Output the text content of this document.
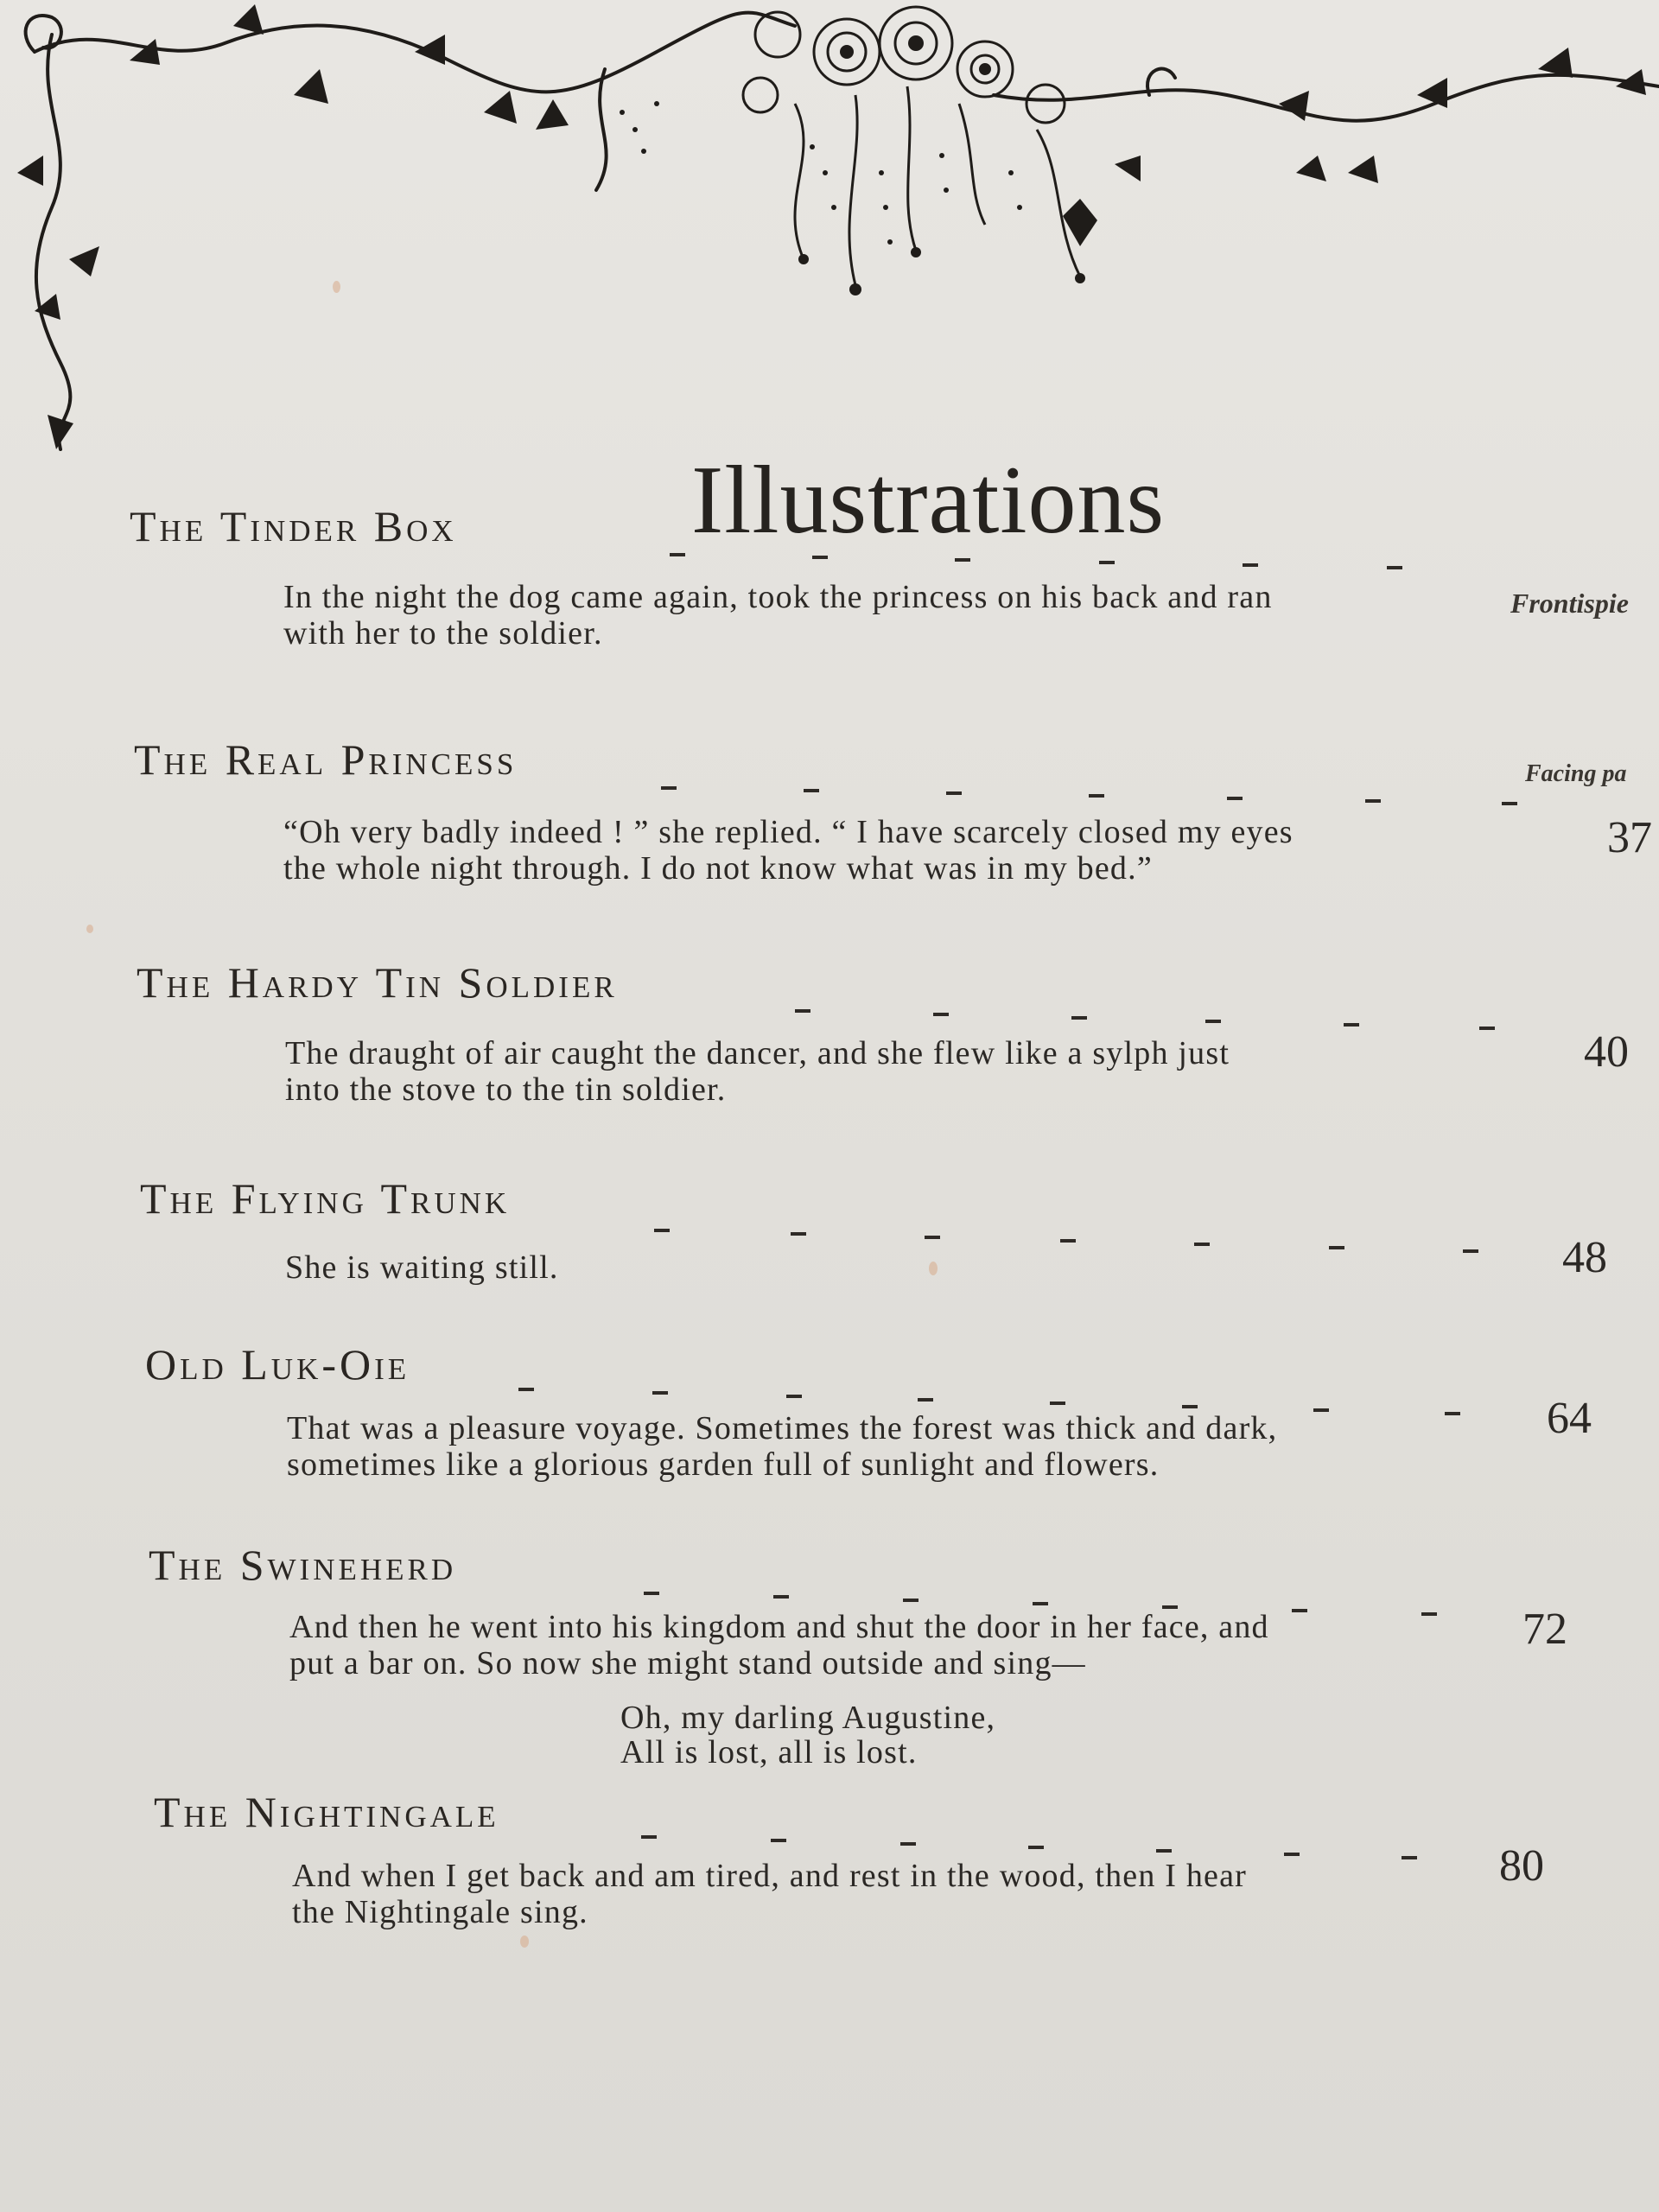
Illustrations
The Tinder Box
Frontispie
In the night the dog came again, took the princess on his back and ran
with her to the soldier.
The Real Princess	Facing pa
37
“Oh very badly indeed ! ” she replied. “ I have scarcely closed my eyes
the whole night through. I do not know what was in my bed.”
The Hardy Tin Soldier
40
The draught of air caught the dancer, and she flew like a sylph just
into the stove to the tin soldier.
The Flying Trunk
48
She is waiting still.
Old Luk-Oie
64
That was a pleasure voyage. Sometimes the forest was thick and dark,
sometimes like a glorious garden full of sunlight and flowers.
The Swineherd
72
And then he went into his kingdom and shut the door in her face, and
put a bar on. So now she might stand outside and sing—
Oh, my darling Augustine,
All is lost, all is lost.
The Nightingale
80
And when I get back and am tired, and rest in the wood, then I hear
the Nightingale sing.
